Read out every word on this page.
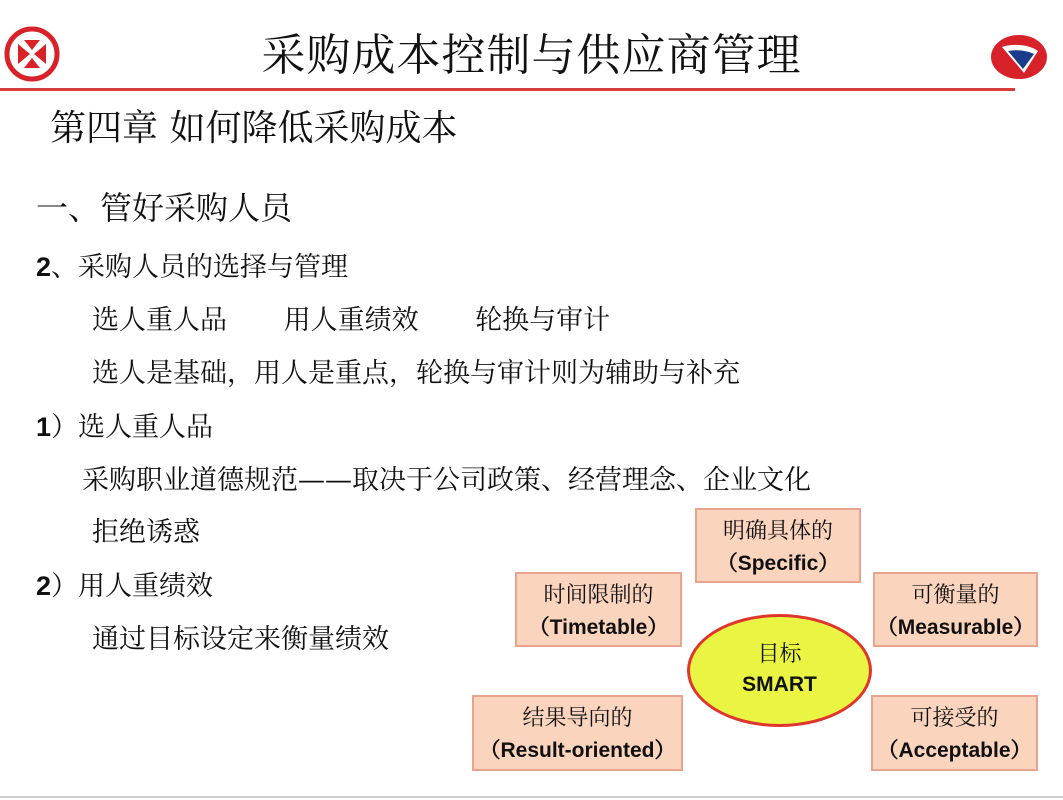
采购成本控制与供应商管理
第四章 如何降低采购成本
一、管好采购人员
2、采购人员的选择与管理
选人重人品 用人重绩效 轮换与审计
选人是基础，用人是重点，轮换与审计则为辅助与补充
1）选人重人品
采购职业道德规范——取决于公司政策、经营理念、企业文化
拒绝诱惑
2）用人重绩效
通过目标设定来衡量绩效
明确具体的
（Specific）
时间限制的
（Timetable）
可衡量的
（Measurable）
目标
SMART
结果导向的
（Result-oriented）
可接受的
（Acceptable）
